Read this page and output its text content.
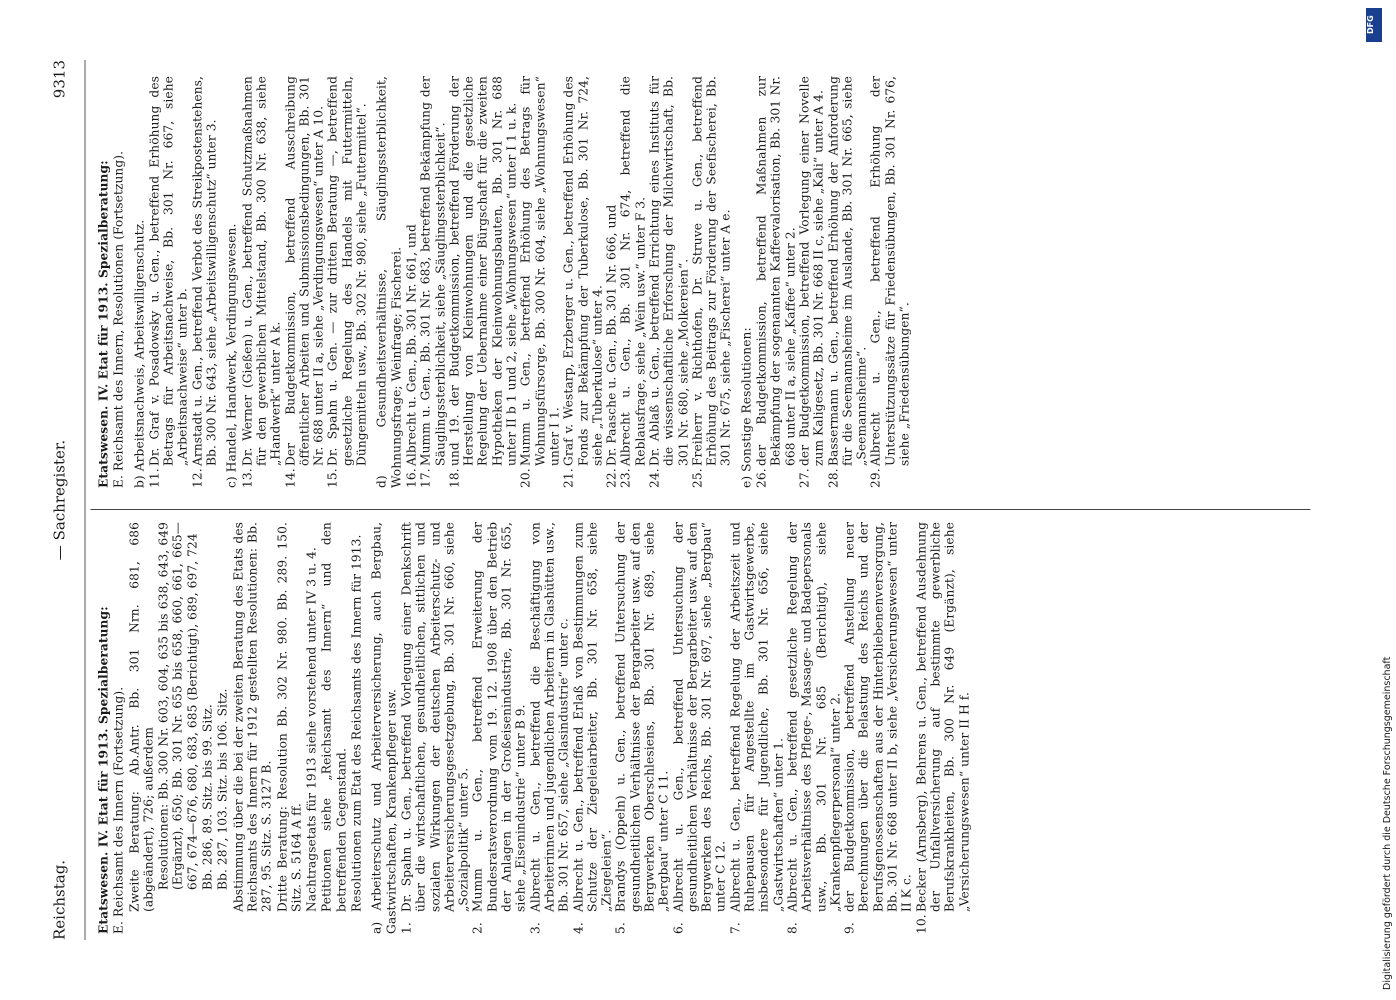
Reichstag.
— Sachregister.
9313

Etatswesen. IV. Etat für 1913. Spezialberatung: E. Reichsamt des Innern (Fortsetzung). Zweite Beratung: Ab.Antr. Bb. 301 Nrn. 681, 686 (abgeändert), 726; außerdem Resolutionen: Bb. 300 Nr. 603, 604, 635 bis 638, 643, 649 (Ergänzt), 650; Bb. 301 Nr. 655 bis 658, 660, 661, 665—667, 674—676, 680, 683, 685 (Berichtigt), 689, 697, 724 Bb. 286, 89. Sitz. bis 99. Sitz. Bb. 287, 103. Sitz. bis 106. Sitz. Abstimmung über die bei der zweiten Beratung des Etats des Reichsamts des Innern für 1912 gestellten Resolutionen: Bb. 287, 95. Sitz. S. 3127 B. Dritte Beratung: Resolution Bb. 302 Nr. 980. Bb. 289. 150. Sitz. S. 5164 A ff. Nachtragsetats für 1913 siehe vorstehend unter IV 3 u. 4. Petitionen siehe „Reichsamt des Innern“ und den betreffenden Gegenstand. Resolutionen zum Etat des Reichsamts des Innern für 1913. a) Arbeiterschutz und Arbeiterversicherung, auch Bergbau, Gastwirtschaften, Krankenpfleger usw. 1.
Dr. Spahn u. Gen., betreffend Vorlegung einer Denkschrift über die wirtschaftlichen, gesundheitlichen, sittlichen und sozialen Wirkungen der deutschen Arbeiterschutz- und Arbeiterversicherungsgesetzgebung, Bb. 301 Nr. 660, siehe „Sozialpolitik“ unter 5.
2.
Mumm u. Gen., betreffend Erweiterung der Bundesratsverordnung vom 19. 12. 1908 über den Betrieb der Anlagen in der Großeisenindustrie, Bb. 301 Nr. 655, siehe „Eisenindustrie“ unter B 9.
3.
Albrecht u. Gen., betreffend die Beschäftigung von Arbeiterinnen und jugendlichen Arbeitern in Glashütten usw., Bb. 301 Nr. 657, siehe „Glasindustrie“ unter c.
4.
Albrecht u. Gen., betreffend Erlaß von Bestimmungen zum Schutze der Ziegeleiarbeiter, Bb. 301 Nr. 658, siehe „Ziegeleien“.
5.
Brandys (Oppeln) u. Gen., betreffend Untersuchung der gesundheitlichen Verhältnisse der Bergarbeiter usw. auf den Bergwerken Oberschlesiens, Bb. 301 Nr. 689, siehe „Bergbau“ unter C 11.
6.
Albrecht u. Gen., betreffend Untersuchung der gesundheitlichen Verhältnisse der Bergarbeiter usw. auf den Bergwerken des Reichs, Bb. 301 Nr. 697, siehe „Bergbau“ unter C 12.
7.
Albrecht u. Gen., betreffend Regelung der Arbeitszeit und Ruhepausen für Angestellte im Gastwirtsgewerbe, insbesondere für Jugendliche, Bb. 301 Nr. 656, siehe „Gastwirtschaften“ unter 1.
8.
Albrecht u. Gen., betreffend gesetzliche Regelung der Arbeitsverhältnisse des Pflege-, Massage- und Badepersonals usw., Bb. 301 Nr. 685 (Berichtigt), siehe „Krankenpflegerpersonal“ unter 2.
9.
der Budgetkommission, betreffend Anstellung neuer Berechnungen über die Belastung des Reichs und der Berufsgenossenschaften aus der Hinterbliebenenversorgung, Bb. 301 Nr. 668 unter II b, siehe „Versicherungswesen“ unter II K c.
10.
Becker (Arnsberg), Behrens u. Gen., betreffend Ausdehnung der Unfallversicherung auf bestimmte gewerbliche Berufskrankheiten, Bb. 300 Nr. 649 (Ergänzt), siehe „Versicherungswesen“ unter II H f.

Etatswesen. IV. Etat für 1913. Spezialberatung: E. Reichsamt des Innern, Resolutionen (Fortsetzung). b) Arbeitsnachweis, Arbeitswilligenschutz. 11.
Dr. Graf v. Posadowsky u. Gen., betreffend Erhöhung des Betrags für Arbeitsnachweise, Bb. 301 Nr. 667, siehe „Arbeitsnachweise“ unter b.
12.
Arnstadt u. Gen., betreffend Verbot des Streikpostenstehens, Bb. 300 Nr. 643, siehe „Arbeitswilligenschutz“ unter 3. c) Handel, Handwerk, Verdingungswesen. 13.
Dr. Werner (Gießen) u. Gen., betreffend Schutzmaßnahmen für den gewerblichen Mittelstand, Bb. 300 Nr. 638, siehe „Handwerk“ unter A k.
14.
Der Budgetkommission, betreffend Ausschreibung öffentlicher Arbeiten und Submissionsbedingungen, Bb. 301 Nr. 688 unter II a, siehe „Verdingungswesen“ unter A 10.
15.
Dr. Spahn u. Gen. — zur dritten Beratung —, betreffend gesetzliche Regelung des Handels mit Futtermitteln, Düngemitteln usw., Bb. 302 Nr. 980, siehe „Futtermittel“. d) Gesundheitsverhältnisse, Säuglingssterblichkeit, Wohnungsfrage; Weinfrage; Fischerei. 16.
Albrecht u. Gen., Bb. 301 Nr. 661, und
17.
Mumm u. Gen., Bb. 301 Nr. 683, betreffend Bekämpfung der Säuglingssterblichkeit, siehe „Säuglingssterblichkeit“.
18.
und 19. der Budgetkommission, betreffend Förderung der Herstellung von Kleinwohnungen und die gesetzliche Regelung der Uebernahme einer Bürgschaft für die zweiten Hypotheken der Kleinwohnungsbauten, Bb. 301 Nr. 688 unter II b 1 und 2, siehe „Wohnungswesen“ unter I 1 u. k.
20.
Mumm u. Gen., betreffend Erhöhung des Betrags für Wohnungsfürsorge, Bb. 300 Nr. 604, siehe „Wohnungswesen“ unter I 1.
21.
Graf v. Westarp, Erzberger u. Gen., betreffend Erhöhung des Fonds zur Bekämpfung der Tuberkulose, Bb. 301 Nr. 724, siehe „Tuberkulose“ unter 4.
22.
Dr. Paasche u. Gen., Bb. 301 Nr. 666, und
23.
Albrecht u. Gen., Bb. 301 Nr. 674, betreffend die Reblausfrage, siehe „Wein usw.“ unter F 3.
24.
Dr. Ablaß u. Gen., betreffend Errichtung eines Instituts für die wissenschaftliche Erforschung der Milchwirtschaft, Bb. 301 Nr. 680, siehe „Molkereien“.
25.
Freiherr v. Richthofen, Dr. Struve u. Gen., betreffend Erhöhung des Beitrags zur Förderung der Seefischerei, Bb. 301 Nr. 675, siehe „Fischerei“ unter A e. e) Sonstige Resolutionen: 26.
der Budgetkommission, betreffend Maßnahmen zur Bekämpfung der sogenannten Kaffeevalorisation, Bb. 301 Nr. 668 unter II a, siehe „Kaffee“ unter 2.
27.
der Budgetkommission, betreffend Vorlegung einer Novelle zum Kaligesetz, Bb. 301 Nr. 668 II c, siehe „Kali“ unter A 4.
28.
Bassermann u. Gen., betreffend Erhöhung der Anforderung für die Seemannsheime im Auslande, Bb. 301 Nr. 665, siehe „Seemannsheime“.
29.
Albrecht u. Gen., betreffend Erhöhung der Unterstützungssätze für Friedensübungen, Bb. 301 Nr. 676, siehe „Friedensübungen“.
Digitalisierung gefördert durch die Deutsche Forschungsgemeinschaft
DFG
